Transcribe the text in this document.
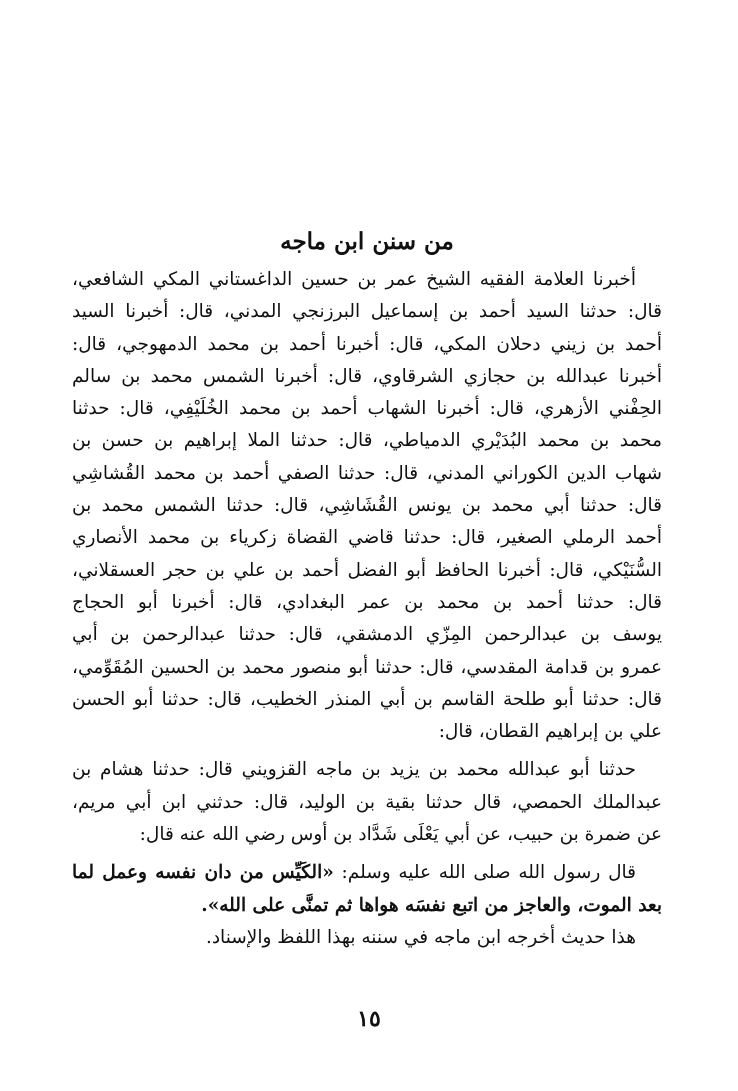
من سنن ابن ماجه
أخبرنا العلامة الفقيه الشيخ عمر بن حسين الداغستاني المكي الشافعي،
قال: حدثنا السيد أحمد بن إسماعيل البرزنجي المدني، قال: أخبرنا السيد
أحمد بن زيني دحلان المكي، قال: أخبرنا أحمد بن محمد الدمهوجي، قال:
أخبرنا عبدالله بن حجازي الشرقاوي، قال: أخبرنا الشمس محمد بن سالم
الحِفْني الأزهري، قال: أخبرنا الشهاب أحمد بن محمد الخُلَيْفِي، قال: حدثنا
محمد بن محمد البُدَيْري الدمياطي، قال: حدثنا الملا إبراهيم بن حسن بن
شهاب الدين الكوراني المدني، قال: حدثنا الصفي أحمد بن محمد القُشاشِي
قال: حدثنا أبي محمد بن يونس القُشَاشِي، قال: حدثنا الشمس محمد بن
أحمد الرملي الصغير، قال: حدثنا قاضي القضاة زكرياء بن محمد الأنصاري
السُّنَيْكي، قال: أخبرنا الحافظ أبو الفضل أحمد بن علي بن حجر العسقلاني،
قال: حدثنا أحمد بن محمد بن عمر البغدادي، قال: أخبرنا أبو الحجاج
يوسف بن عبدالرحمن المِزّي الدمشقي، قال: حدثنا عبدالرحمن بن أبي
عمرو بن قدامة المقدسي، قال: حدثنا أبو منصور محمد بن الحسين المُقَوِّمي،
قال: حدثنا أبو طلحة القاسم بن أبي المنذر الخطيب، قال: حدثنا أبو الحسن
علي بن إبراهيم القطان، قال:
حدثنا أبو عبدالله محمد بن يزيد بن ماجه القزويني قال: حدثنا هشام بن
عبدالملك الحمصي، قال حدثنا بقية بن الوليد، قال: حدثني ابن أبي مريم،
عن ضمرة بن حبيب، عن أبي يَعْلَى شَدَّاد بن أوس رضي الله عنه قال:
قال رسول الله صلى الله عليه وسلم: «الكَيِّس من دان نفسه وعمل لما
بعد الموت، والعاجز من اتبع نفسَه هواها ثم تمنَّى على الله».
هذا حديث أخرجه ابن ماجه في سننه بهذا اللفظ والإسناد.
١٥
